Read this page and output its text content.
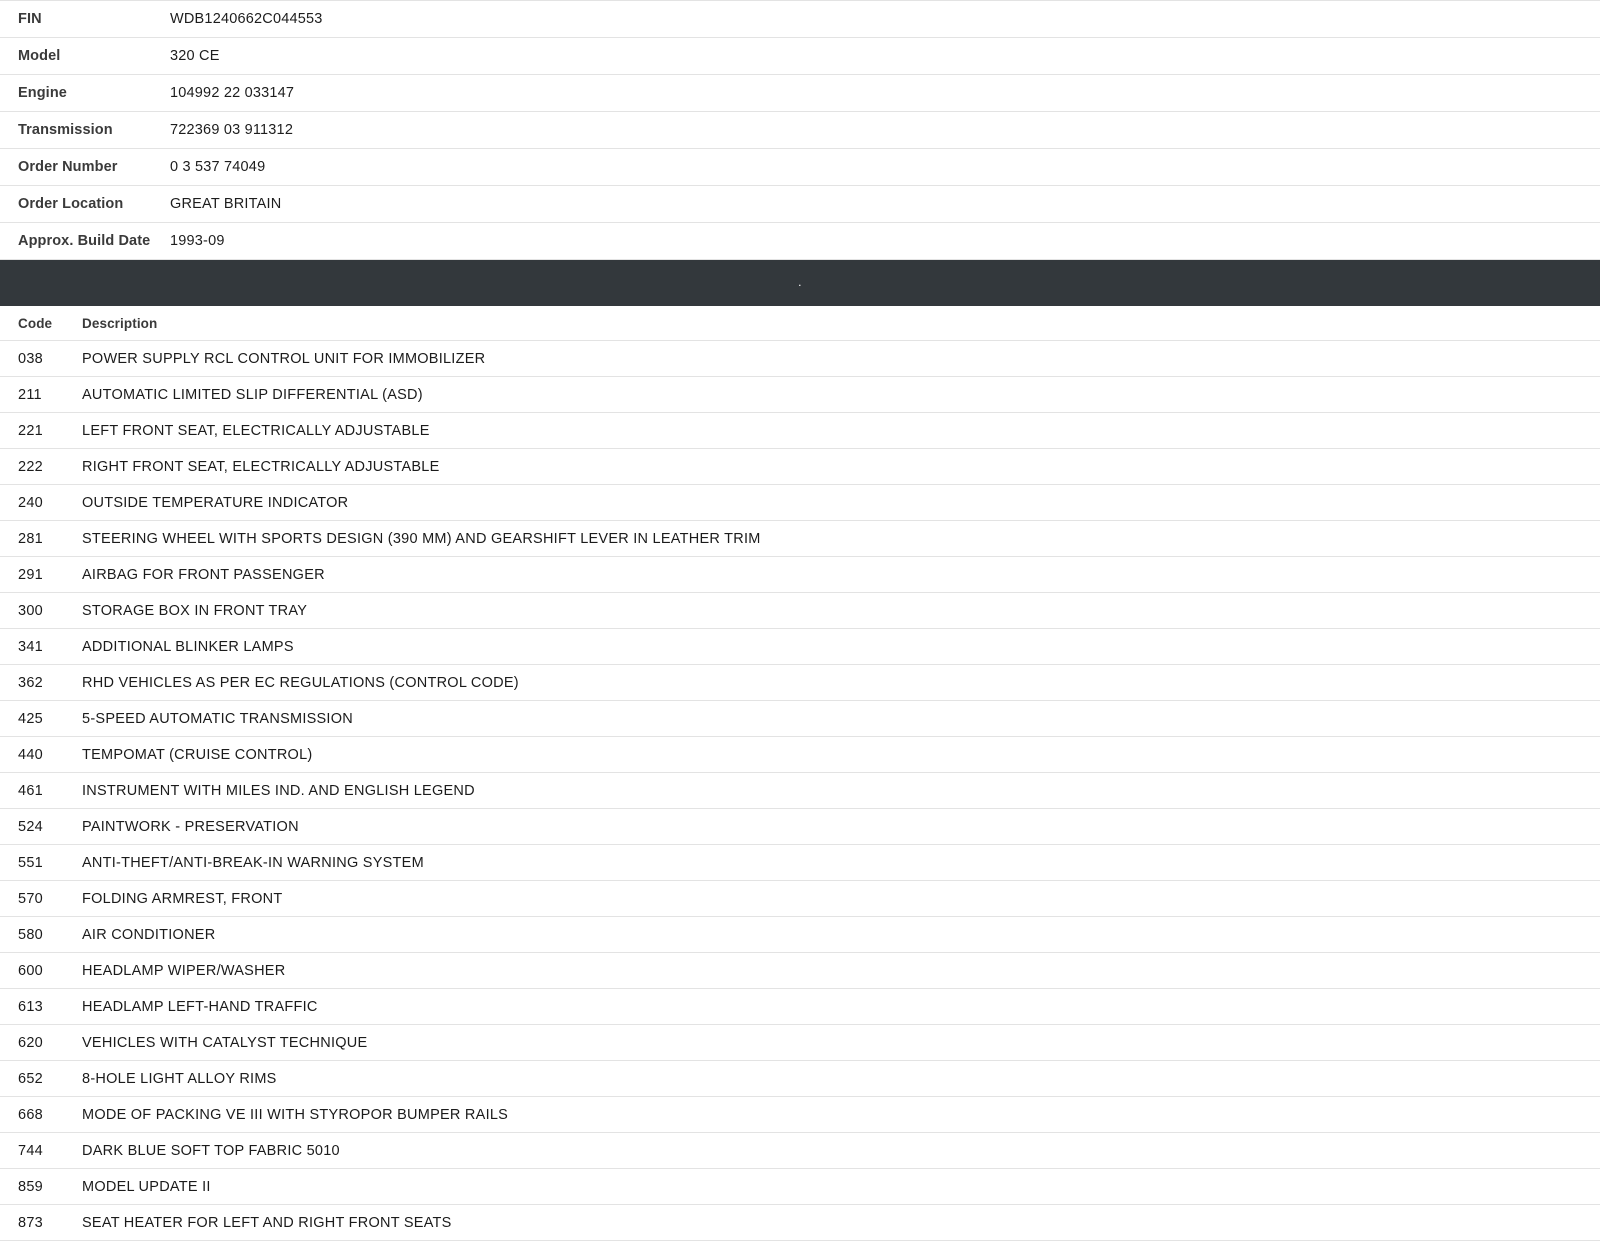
FIN	WDB1240662C044553
Model	320 CE
Engine	104992 22 033147
Transmission	722369 03 911312
Order Number	0 3 537 74049
Order Location	GREAT BRITAIN
Approx. Build Date	1993-09
.
Code	Description
038	POWER SUPPLY RCL CONTROL UNIT FOR IMMOBILIZER
211	AUTOMATIC LIMITED SLIP DIFFERENTIAL (ASD)
221	LEFT FRONT SEAT, ELECTRICALLY ADJUSTABLE
222	RIGHT FRONT SEAT, ELECTRICALLY ADJUSTABLE
240	OUTSIDE TEMPERATURE INDICATOR
281	STEERING WHEEL WITH SPORTS DESIGN (390 MM) AND GEARSHIFT LEVER IN LEATHER TRIM
291	AIRBAG FOR FRONT PASSENGER
300	STORAGE BOX IN FRONT TRAY
341	ADDITIONAL BLINKER LAMPS
362	RHD VEHICLES AS PER EC REGULATIONS (CONTROL CODE)
425	5-SPEED AUTOMATIC TRANSMISSION
440	TEMPOMAT (CRUISE CONTROL)
461	INSTRUMENT WITH MILES IND. AND ENGLISH LEGEND
524	PAINTWORK - PRESERVATION
551	ANTI-THEFT/ANTI-BREAK-IN WARNING SYSTEM
570	FOLDING ARMREST, FRONT
580	AIR CONDITIONER
600	HEADLAMP WIPER/WASHER
613	HEADLAMP LEFT-HAND TRAFFIC
620	VEHICLES WITH CATALYST TECHNIQUE
652	8-HOLE LIGHT ALLOY RIMS
668	MODE OF PACKING VE III WITH STYROPOR BUMPER RAILS
744	DARK BLUE SOFT TOP FABRIC 5010
859	MODEL UPDATE II
873	SEAT HEATER FOR LEFT AND RIGHT FRONT SEATS
